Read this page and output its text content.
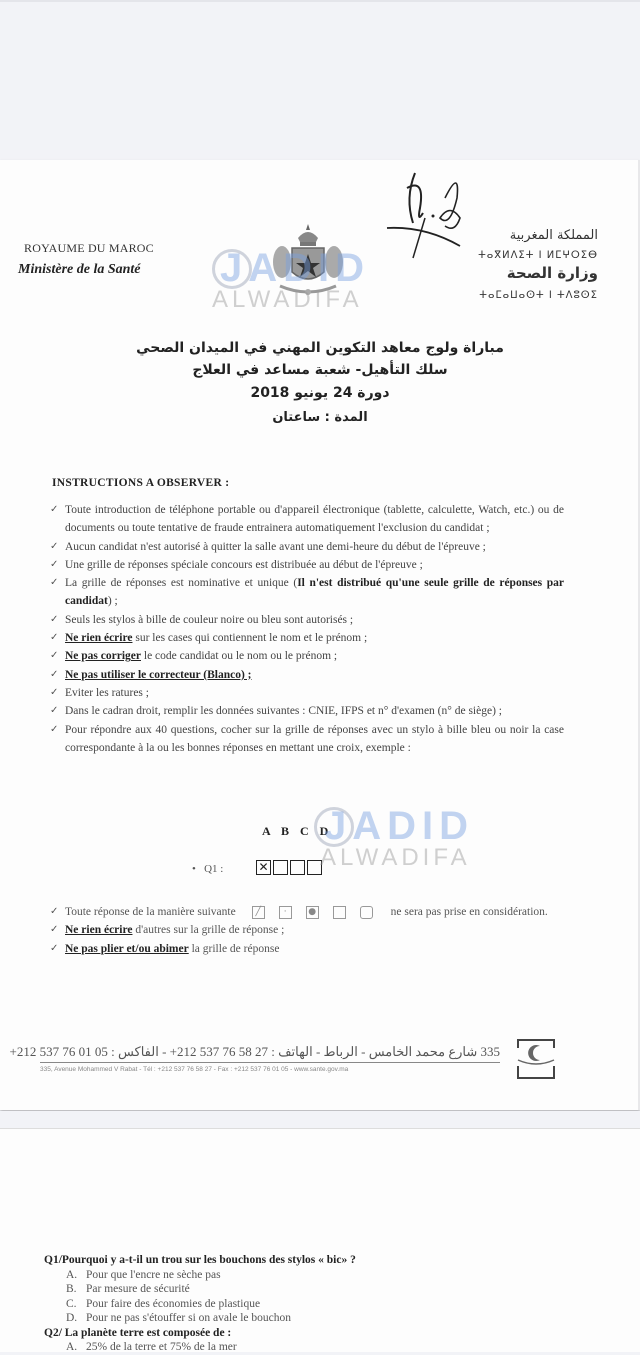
ROYAUME DU MAROC
Ministère de la Santé
المملكة المغربية
ⵜⴰⴳⵍⴷⵉⵜ ⵏ ⵍⵎⵖⵔⵉⴱ
وزارة الصحة
ⵜⴰⵎⴰⵡⴰⵙⵜ ⵏ ⵜⴷⵓⵙⵉ
JADID
ALWADIFA
مباراة ولوج معاهد التكوين المهني في الميدان الصحي
سلك التأهيل- شعبة مساعد في العلاج
دورة 24 يونيو 2018
المدة : ساعتان
INSTRUCTIONS A OBSERVER :
✓ Toute introduction de téléphone portable ou d'appareil électronique (tablette, calculette, Watch, etc.) ou de documents ou toute tentative de fraude entrainera automatiquement l'exclusion du candidat ;
✓ Aucun candidat n'est autorisé à quitter la salle avant une demi-heure du début de l'épreuve ;
✓ Une grille de réponses spéciale concours est distribuée au début de l'épreuve ;
✓ La grille de réponses est nominative et unique (Il n'est distribué qu'une seule grille de réponses par candidat) ;
✓ Seuls les stylos à bille de couleur noire ou bleu sont autorisés ;
✓ Ne rien écrire sur les cases qui contiennent le nom et le prénom ;
✓ Ne pas corriger le code candidat ou le nom ou le prénom ;
✓ Ne pas utiliser le correcteur (Blanco) ;
✓ Eviter les ratures ;
✓ Dans le cadran droit, remplir les données suivantes : CNIE, IFPS et n° d'examen (n° de siège) ;
✓ Pour répondre aux 40 questions, cocher sur la grille de réponses avec un stylo à bille bleu ou noir la case correspondante à la ou les bonnes réponses en mettant une croix, exemple :
A B C D
• Q1 :	✕
JADID
ALWADIFA
✓ Toute réponse de la manière suivante	╱	·	●	ne sera pas prise en considération.
✓ Ne rien écrire d'autres sur la grille de réponse ;
✓ Ne pas plier et/ou abimer la grille de réponse
335 شارع محمد الخامس - الرباط - الهاتف : 27 58 76 537 212+ - الفاكس : 05 01 76 537 212+
335, Avenue Mohammed V Rabat - Tél : +212 537 76 58 27 - Fax : +212 537 76 01 05 - www.sante.gov.ma
Q1/Pourquoi y a-t-il un trou sur les bouchons des stylos « bic» ?
A. Pour que l'encre ne sèche pas
B. Par mesure de sécurité
C. Pour faire des économies de plastique
D. Pour ne pas s'étouffer si on avale le bouchon
Q2/ La planète terre est composée de :
A. 25% de la terre et 75% de la mer
